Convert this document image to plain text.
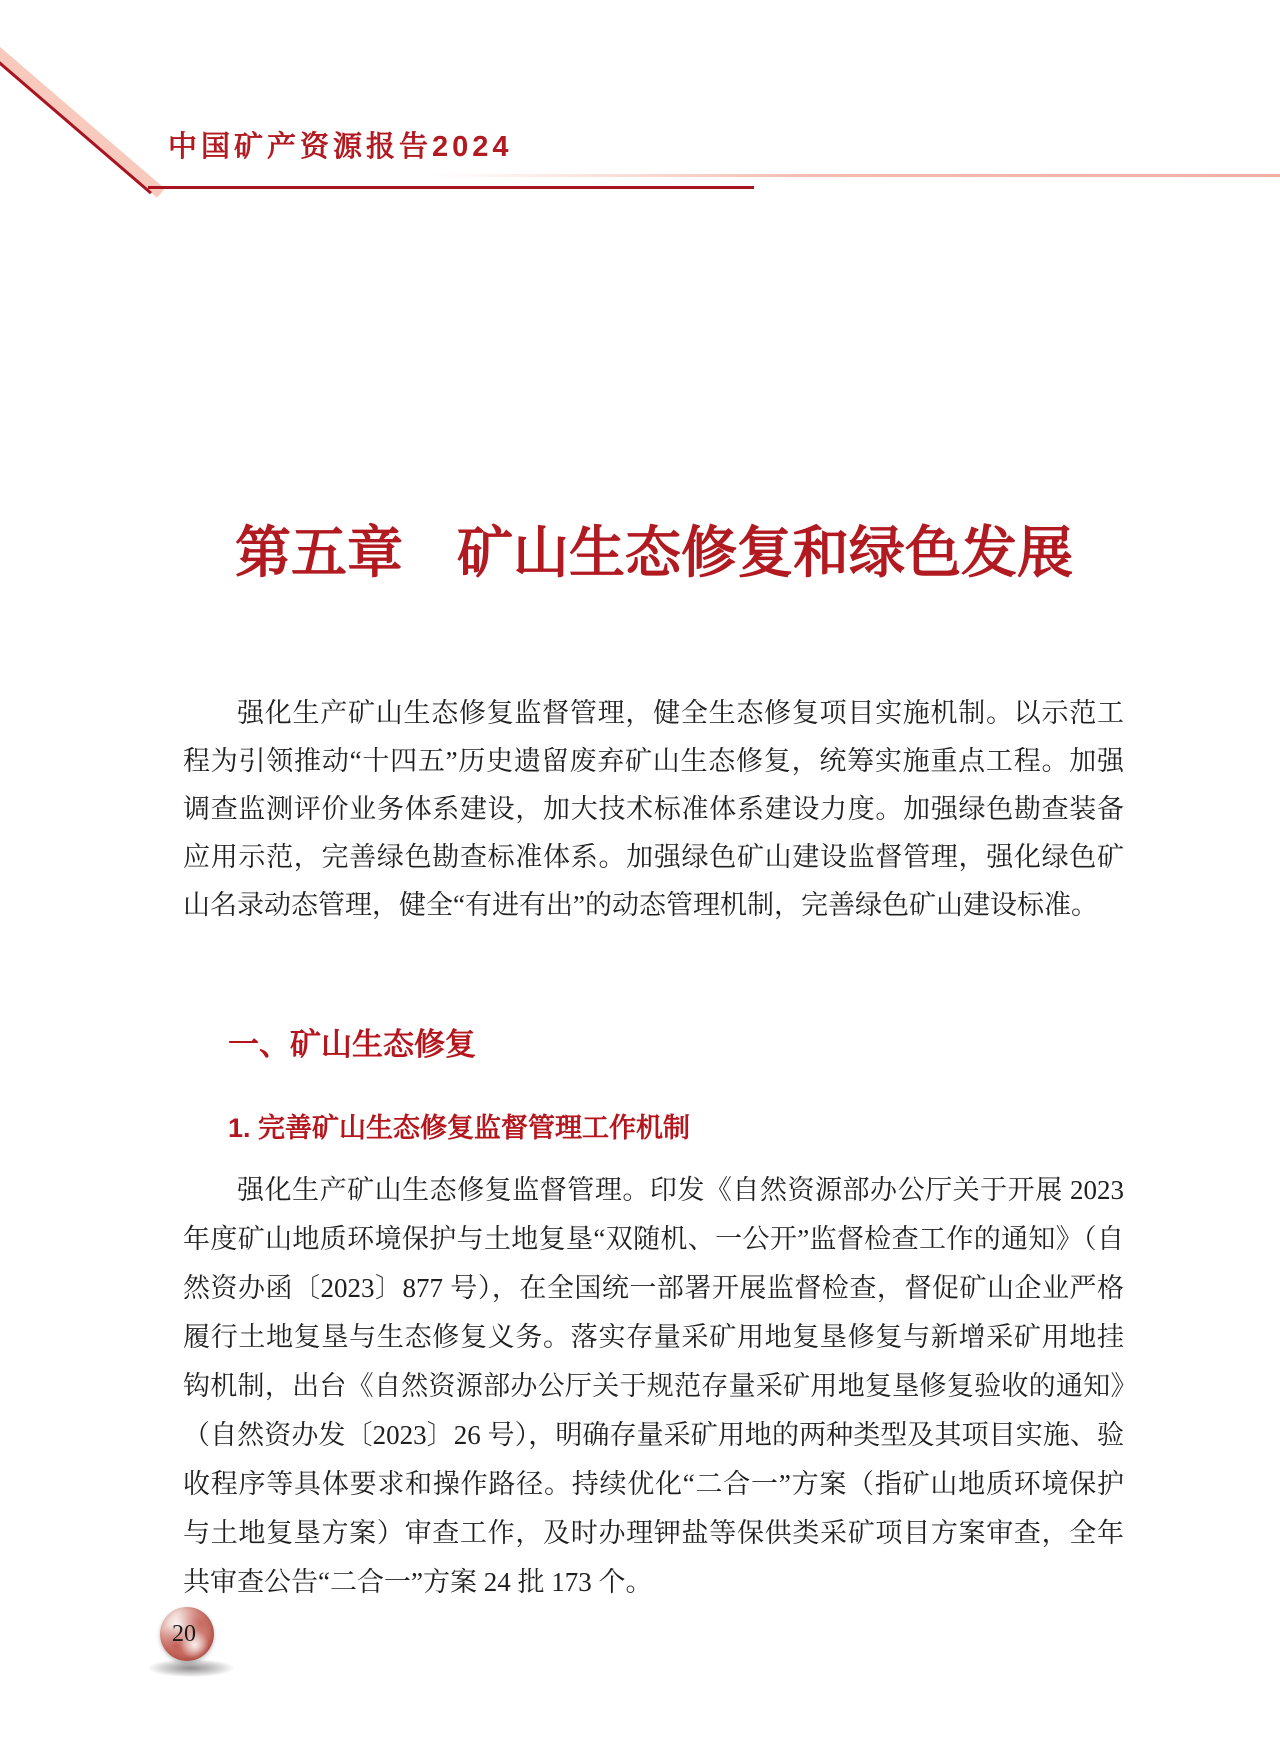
中国矿产资源报告2024
第五章 矿山生态修复和绿色发展

强化生产矿山生态修复监督管理，健全生态修复项目实施机制。以示范工程为引领推动“十四五”历史遗留废弃矿山生态修复，统筹实施重点工程。加强调查监测评价业务体系建设，加大技术标准体系建设力度。加强绿色勘查装备应用示范，完善绿色勘查标准体系。加强绿色矿山建设监督管理，强化绿色矿山名录动态管理，健全“有进有出”的动态管理机制，完善绿色矿山建设标准。

一、矿山生态修复
1. 完善矿山生态修复监督管理工作机制

强化生产矿山生态修复监督管理。印发《自然资源部办公厅关于开展 2023 年度矿山地质环境保护与土地复垦“双随机、一公开”监督检查工作的通知》（自然资办函〔2023〕877 号），在全国统一部署开展监督检查，督促矿山企业严格履行土地复垦与生态修复义务。落实存量采矿用地复垦修复与新增采矿用地挂钩机制，出台《自然资源部办公厅关于规范存量采矿用地复垦修复验收的通知》（自然资办发〔2023〕26 号），明确存量采矿用地的两种类型及其项目实施、验收程序等具体要求和操作路径。持续优化“二合一”方案（指矿山地质环境保护与土地复垦方案）审查工作，及时办理钾盐等保供类采矿项目方案审查，全年共审查公告“二合一”方案 24 批 173 个。

20
